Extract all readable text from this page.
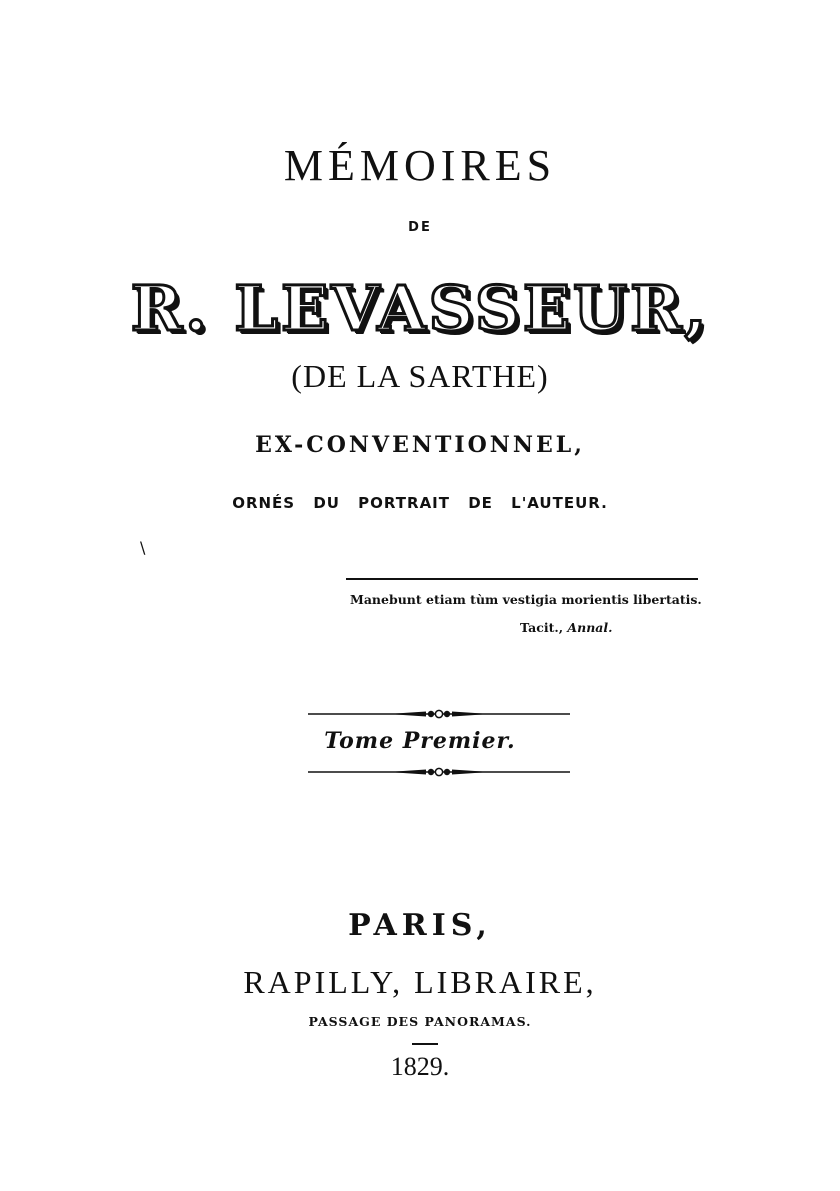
MÉMOIRES
DE
R. LEVASSEUR,
(DE LA SARTHE)
EX-CONVENTIONNEL,
ORNÉS DU PORTRAIT DE L'AUTEUR.
\
Manebunt etiam tùm vestigia morientis libertatis.
Tacit., Annal.
Tome Premier.
PARIS,
RAPILLY, LIBRAIRE,
PASSAGE DES PANORAMAS.
1829.
